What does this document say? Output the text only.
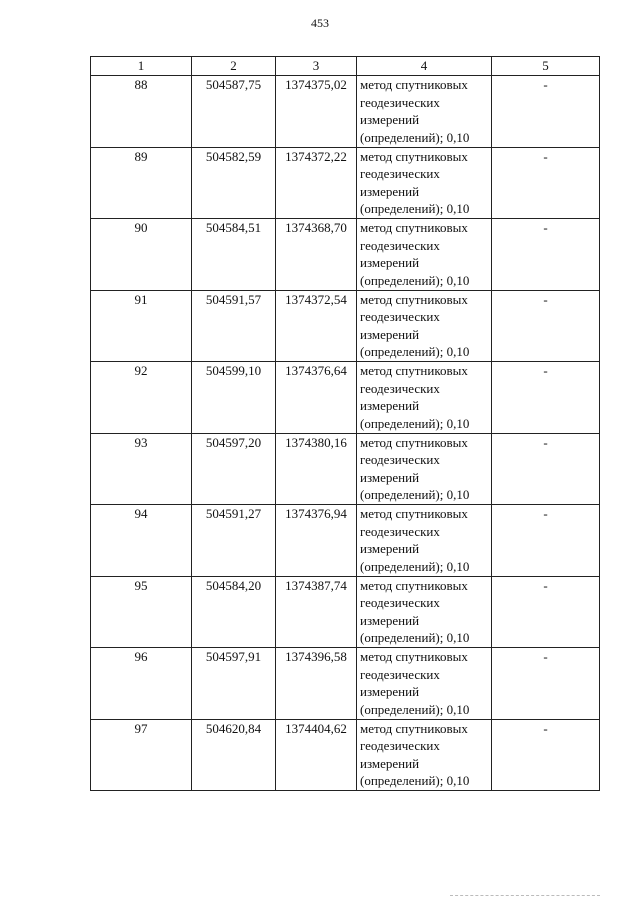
453
1	2	3	4	5
88	504587,75	1374375,02	метод спутниковых
геодезических
измерений
(определений); 0,10	-
89	504582,59	1374372,22	метод спутниковых
геодезических
измерений
(определений); 0,10	-
90	504584,51	1374368,70	метод спутниковых
геодезических
измерений
(определений); 0,10	-
91	504591,57	1374372,54	метод спутниковых
геодезических
измерений
(определений); 0,10	-
92	504599,10	1374376,64	метод спутниковых
геодезических
измерений
(определений); 0,10	-
93	504597,20	1374380,16	метод спутниковых
геодезических
измерений
(определений); 0,10	-
94	504591,27	1374376,94	метод спутниковых
геодезических
измерений
(определений); 0,10	-
95	504584,20	1374387,74	метод спутниковых
геодезических
измерений
(определений); 0,10	-
96	504597,91	1374396,58	метод спутниковых
геодезических
измерений
(определений); 0,10	-
97	504620,84	1374404,62	метод спутниковых
геодезических
измерений
(определений); 0,10	-
